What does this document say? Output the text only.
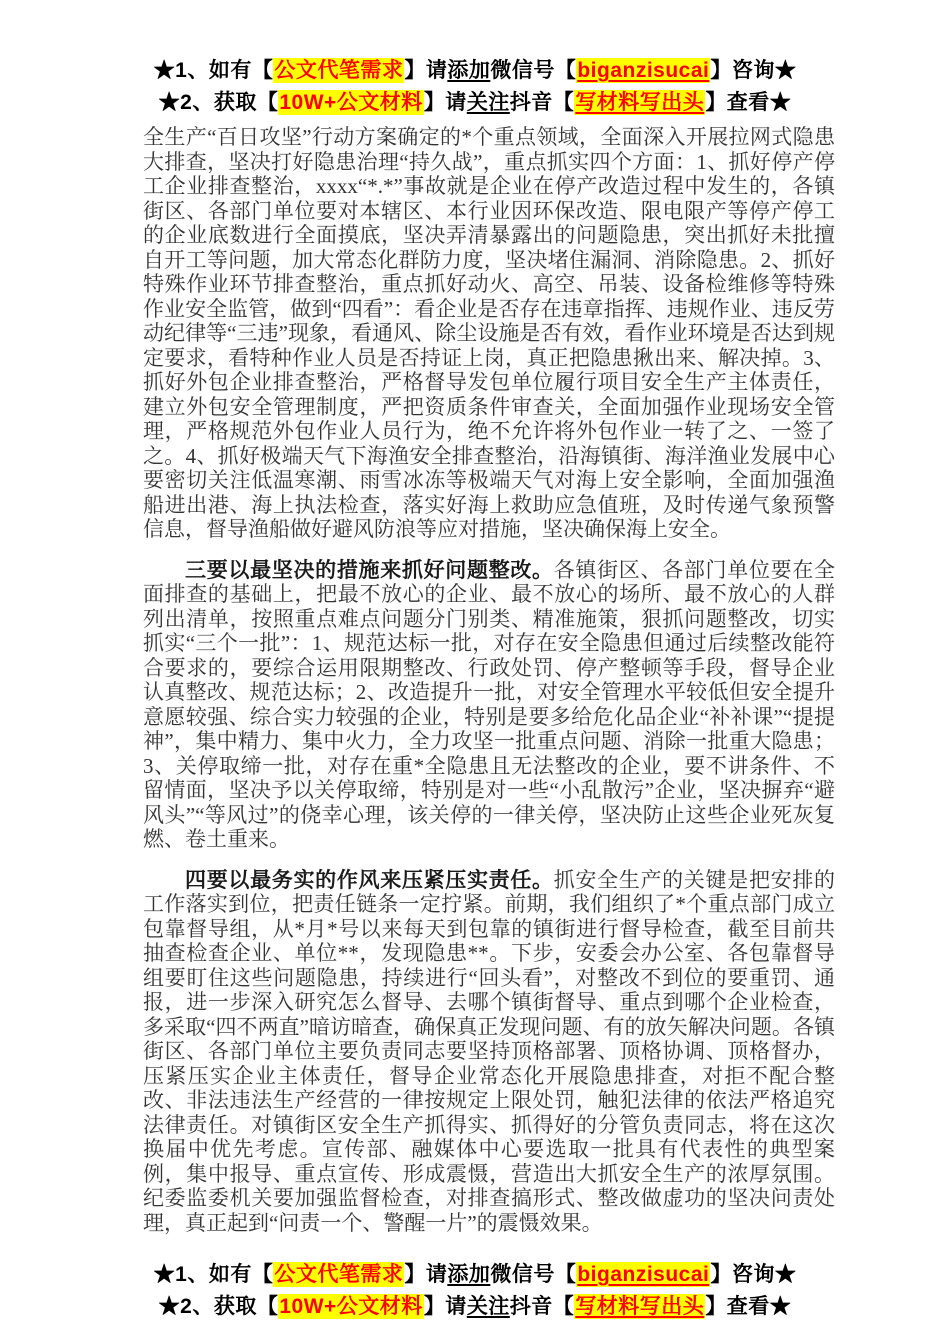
★1、如有【公文代笔需求】请添加微信号【biganzisucai】咨询★
★2、获取【10W+公文材料】请关注抖音【写材料写出头】查看★

全生产“百日攻坚”行动方案确定的*个重点领域，全面深入开展拉网式隐患大排查，坚决打好隐患治理“持久战”，重点抓实四个方面：1、抓好停产停工企业排查整治，xxxx“*.*”事故就是企业在停产改造过程中发生的，各镇街区、各部门单位要对本辖区、本行业因环保改造、限电限产等停产停工的企业底数进行全面摸底，坚决弄清暴露出的问题隐患，突出抓好未批擅自开工等问题，加大常态化群防力度，坚决堵住漏洞、消除隐患。2、抓好特殊作业环节排查整治，重点抓好动火、高空、吊装、设备检维修等特殊作业安全监管，做到“四看”：看企业是否存在违章指挥、违规作业、违反劳动纪律等“三违”现象，看通风、除尘设施是否有效，看作业环境是否达到规定要求，看特种作业人员是否持证上岗，真正把隐患揪出来、解决掉。3、抓好外包企业排查整治，严格督导发包单位履行项目安全生产主体责任，建立外包安全管理制度，严把资质条件审查关，全面加强作业现场安全管理，严格规范外包作业人员行为，绝不允许将外包作业一转了之、一签了之。4、抓好极端天气下海渔安全排查整治，沿海镇街、海洋渔业发展中心要密切关注低温寒潮、雨雪冰冻等极端天气对海上安全影响，全面加强渔船进出港、海上执法检查，落实好海上救助应急值班，及时传递气象预警信息，督导渔船做好避风防浪等应对措施，坚决确保海上安全。

三要以最坚决的措施来抓好问题整改。各镇街区、各部门单位要在全面排查的基础上，把最不放心的企业、最不放心的场所、最不放心的人群列出清单，按照重点难点问题分门别类、精准施策，狠抓问题整改，切实抓实“三个一批”：1、规范达标一批，对存在安全隐患但通过后续整改能符合要求的，要综合运用限期整改、行政处罚、停产整顿等手段，督导企业认真整改、规范达标；2、改造提升一批，对安全管理水平较低但安全提升意愿较强、综合实力较强的企业，特别是要多给危化品企业“补补课”“提提神”，集中精力、集中火力，全力攻坚一批重点问题、消除一批重大隐患；3、关停取缔一批，对存在重*全隐患且无法整改的企业，要不讲条件、不留情面，坚决予以关停取缔，特别是对一些“小乱散污”企业，坚决摒弃“避风头”“等风过”的侥幸心理，该关停的一律关停，坚决防止这些企业死灰复燃、卷土重来。

四要以最务实的作风来压紧压实责任。抓安全生产的关键是把安排的工作落实到位，把责任链条一定拧紧。前期，我们组织了*个重点部门成立包靠督导组，从*月*号以来每天到包靠的镇街进行督导检查，截至目前共抽查检查企业、单位**，发现隐患**。下步，安委会办公室、各包靠督导组要盯住这些问题隐患，持续进行“回头看”，对整改不到位的要重罚、通报，进一步深入研究怎么督导、去哪个镇街督导、重点到哪个企业检查，多采取“四不两直”暗访暗查，确保真正发现问题、有的放矢解决问题。各镇街区、各部门单位主要负责同志要坚持顶格部署、顶格协调、顶格督办，压紧压实企业主体责任，督导企业常态化开展隐患排查，对拒不配合整改、非法违法生产经营的一律按规定上限处罚，触犯法律的依法严格追究法律责任。对镇街区安全生产抓得实、抓得好的分管负责同志，将在这次换届中优先考虑。宣传部、融媒体中心要选取一批具有代表性的典型案例，集中报导、重点宣传、形成震慑，营造出大抓安全生产的浓厚氛围。纪委监委机关要加强监督检查，对排查搞形式、整改做虚功的坚决问责处理，真正起到“问责一个、警醒一片”的震慑效果。

★1、如有【公文代笔需求】请添加微信号【biganzisucai】咨询★
★2、获取【10W+公文材料】请关注抖音【写材料写出头】查看★
